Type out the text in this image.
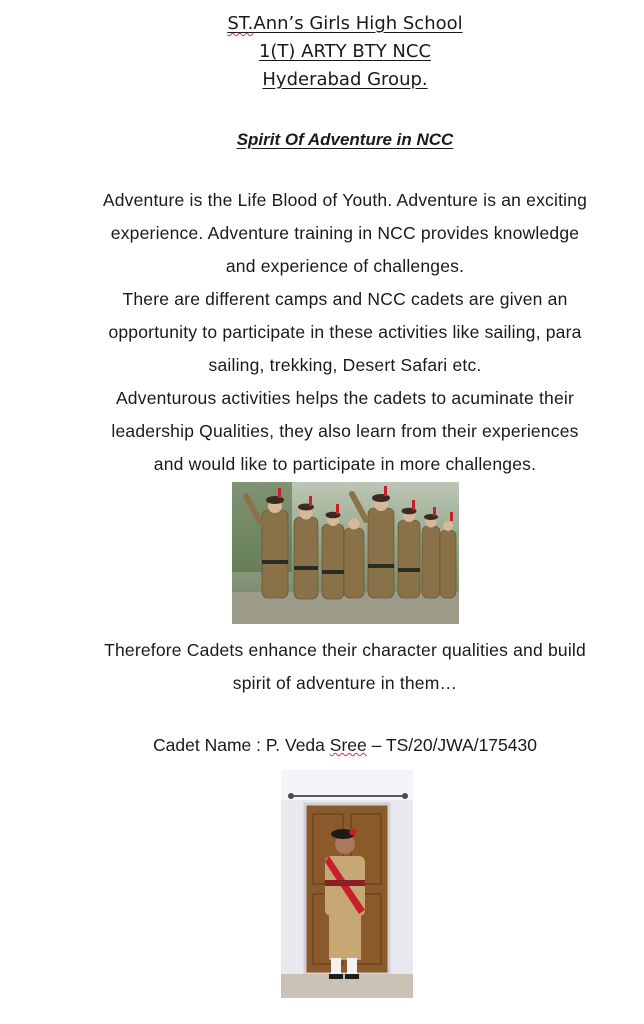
ST.Ann’s Girls High School
1(T) ARTY BTY NCC
Hyderabad Group.
Spirit Of Adventure in NCC
Adventure is the Life Blood of Youth. Adventure is an exciting
experience. Adventure training in NCC provides knowledge
and experience of challenges.
There are different camps and NCC cadets are given an
opportunity to participate in these activities like sailing, para
sailing, trekking, Desert Safari etc.
Adventurous activities helps the cadets to acuminate their
leadership Qualities, they also learn from their experiences
and would like to participate in more challenges.
Therefore Cadets enhance their character qualities and build
spirit of adventure in them…
Cadet Name : P. Veda Sree – TS/20/JWA/175430
